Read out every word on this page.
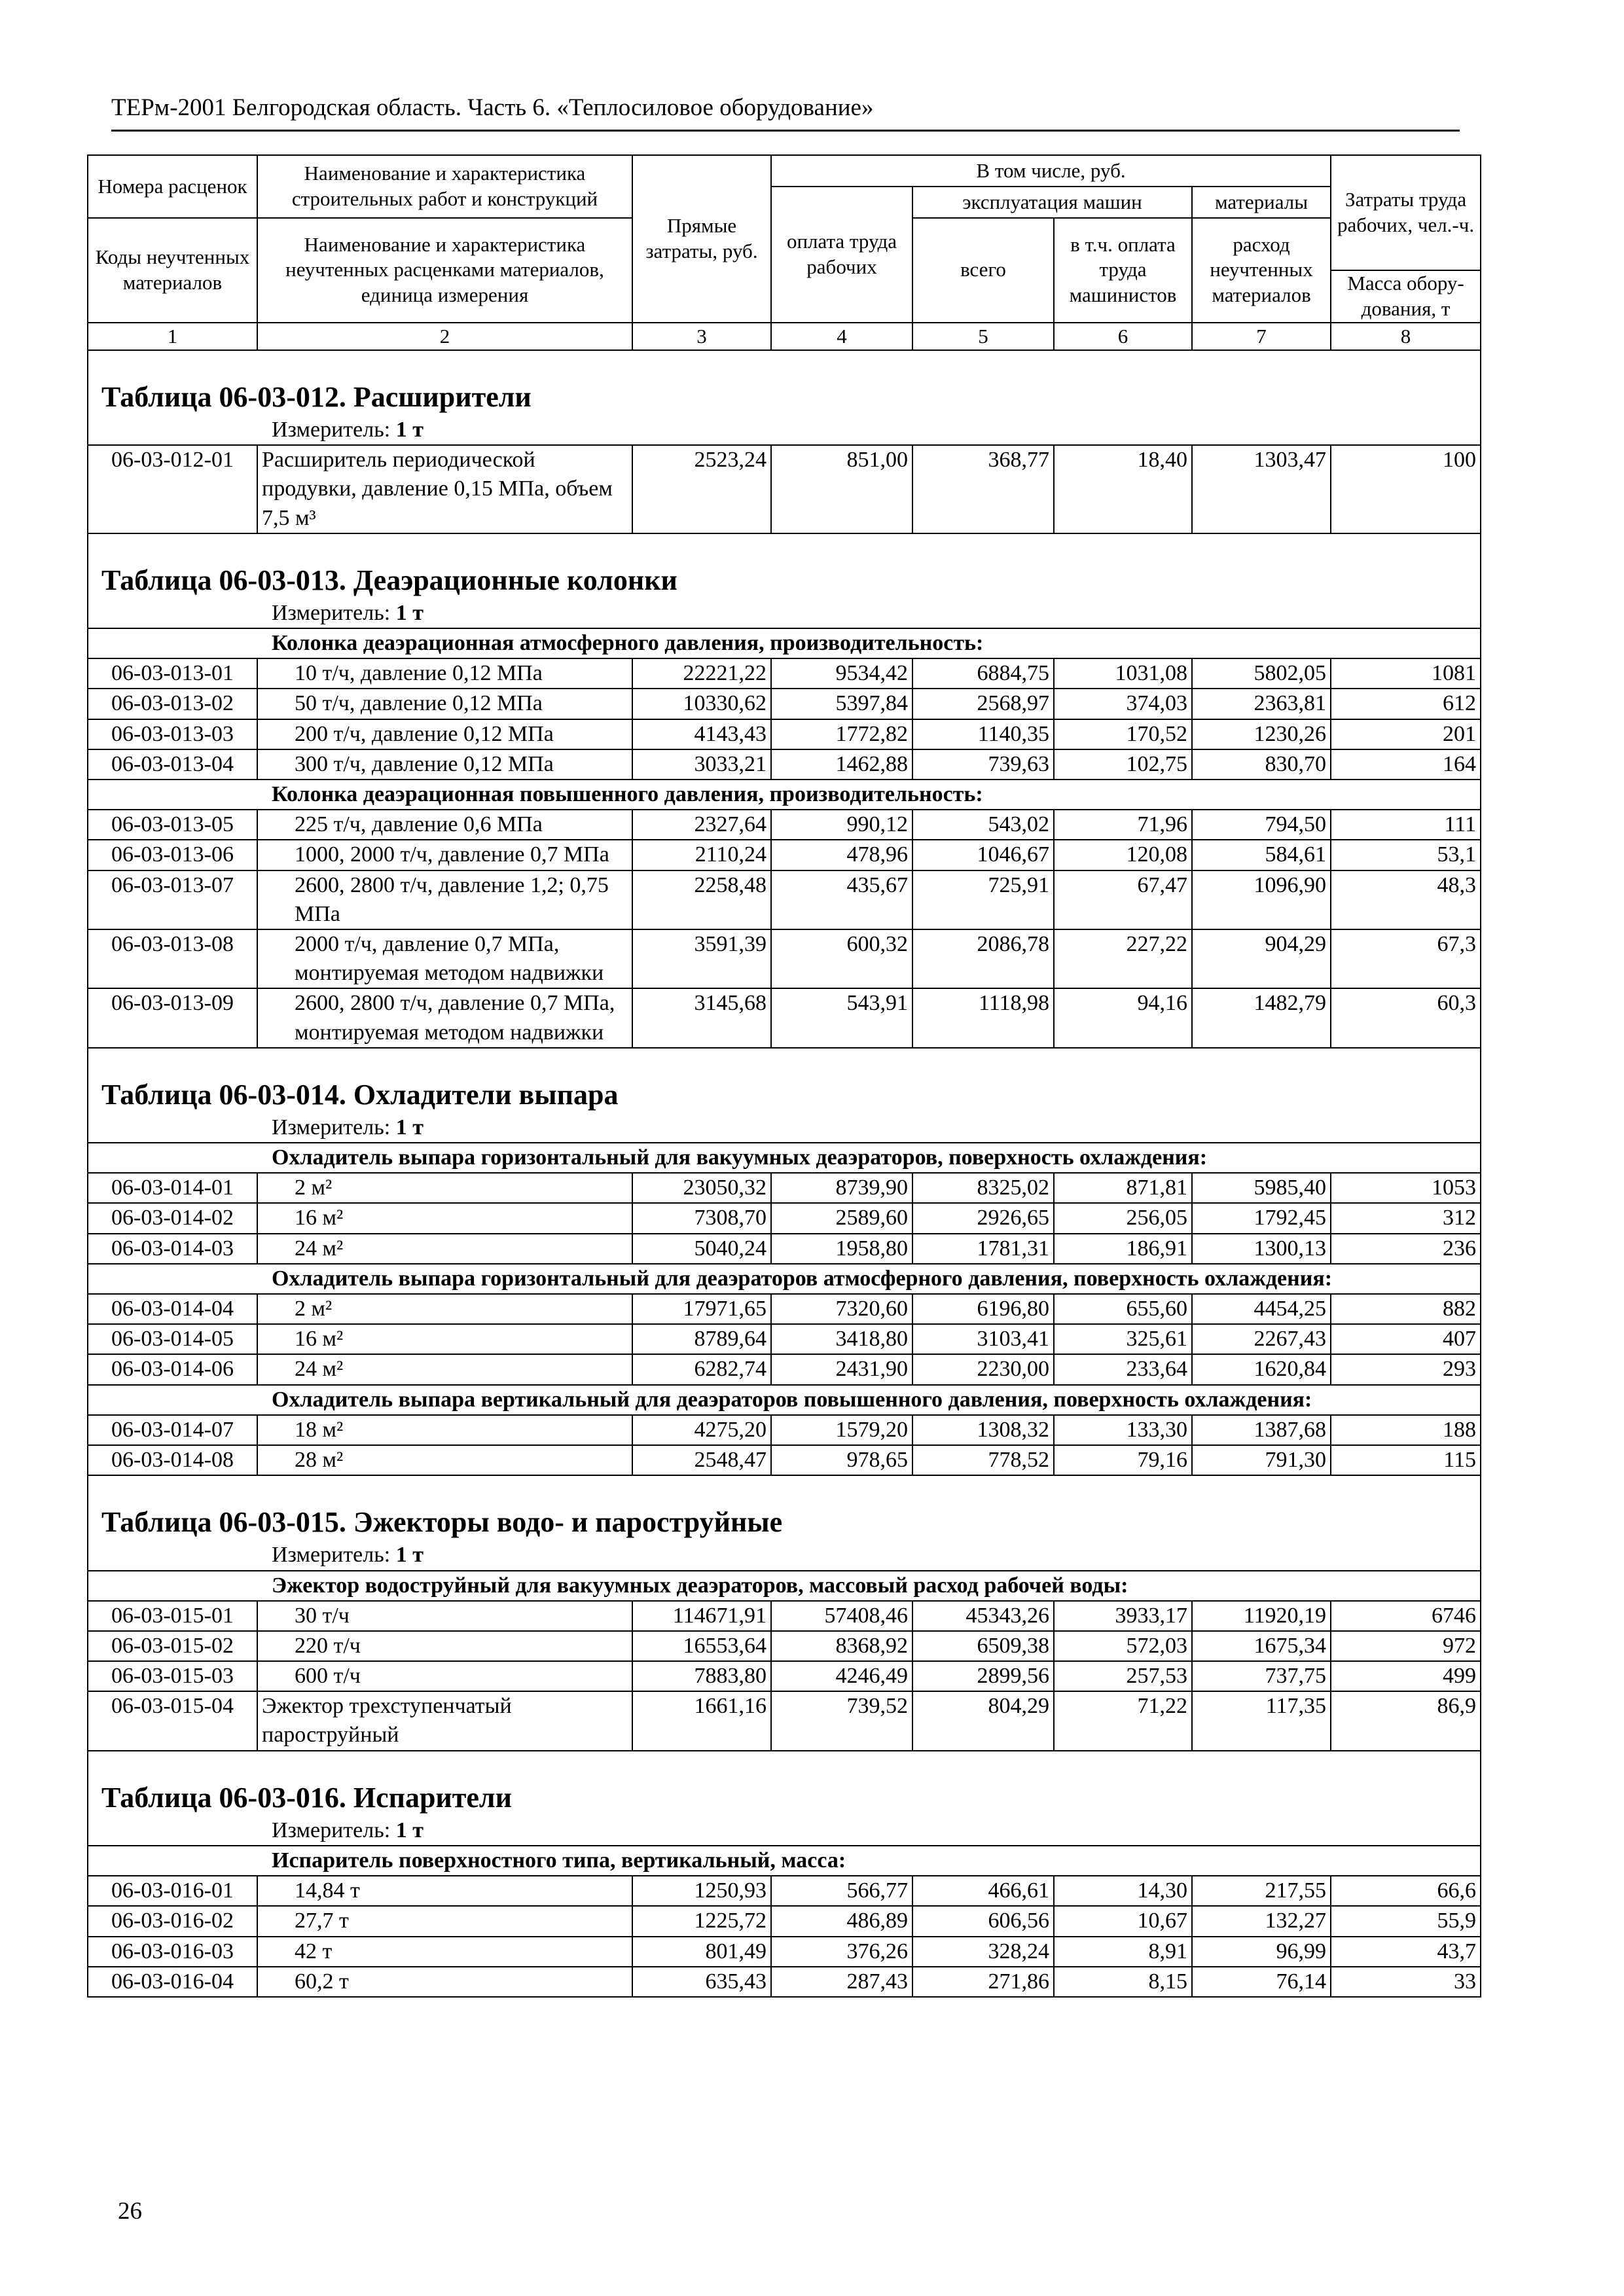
ТЕРм-2001 Белгородская область. Часть 6. «Теплосиловое оборудование»
Номера расценок	Наименование и характеристика строительных работ и конструкций	Прямые затраты, руб.	В том числе, руб.				Затраты труда рабочих, чел.-ч.
			оплата труда рабочих	эксплуатация машин		материалы	
Коды неучтенных материалов	Наименование и характеристика неучтенных расценками материалов, единица измерения			всего	в т.ч. оплата труда машинистов	расход неучтенных материалов	
							Масса обору-дования, т
1	2	3	4	5	6	7	8

Таблица 06-03-012. Расширители							
Измеритель: 1 т							
06-03-012-01	Расширитель периодической продувки, давление 0,15 МПа, объем 7,5 м³	2523,24	851,00	368,77	18,40	1303,47	100

Таблица 06-03-013. Деаэрационные колонки							
Измеритель: 1 т							
Колонка деаэрационная атмосферного давления, производительность:							
06-03-013-01	10 т/ч, давление 0,12 МПа	22221,22	9534,42	6884,75	1031,08	5802,05	1081
06-03-013-02	50 т/ч, давление 0,12 МПа	10330,62	5397,84	2568,97	374,03	2363,81	612
06-03-013-03	200 т/ч, давление 0,12 МПа	4143,43	1772,82	1140,35	170,52	1230,26	201
06-03-013-04	300 т/ч, давление 0,12 МПа	3033,21	1462,88	739,63	102,75	830,70	164
Колонка деаэрационная повышенного давления, производительность:							
06-03-013-05	225 т/ч, давление 0,6 МПа	2327,64	990,12	543,02	71,96	794,50	111
06-03-013-06	1000, 2000 т/ч, давление 0,7 МПа	2110,24	478,96	1046,67	120,08	584,61	53,1
06-03-013-07	2600, 2800 т/ч, давление 1,2; 0,75 МПа	2258,48	435,67	725,91	67,47	1096,90	48,3
06-03-013-08	2000 т/ч, давление 0,7 МПа, монтируемая методом надвижки	3591,39	600,32	2086,78	227,22	904,29	67,3
06-03-013-09	2600, 2800 т/ч, давление 0,7 МПа, монтируемая методом надвижки	3145,68	543,91	1118,98	94,16	1482,79	60,3

Таблица 06-03-014. Охладители выпара							
Измеритель: 1 т							
Охладитель выпара горизонтальный для вакуумных деаэраторов, поверхность охлаждения:							
06-03-014-01	2 м²	23050,32	8739,90	8325,02	871,81	5985,40	1053
06-03-014-02	16 м²	7308,70	2589,60	2926,65	256,05	1792,45	312
06-03-014-03	24 м²	5040,24	1958,80	1781,31	186,91	1300,13	236
Охладитель выпара горизонтальный для деаэраторов атмосферного давления, поверхность охлаждения:							
06-03-014-04	2 м²	17971,65	7320,60	6196,80	655,60	4454,25	882
06-03-014-05	16 м²	8789,64	3418,80	3103,41	325,61	2267,43	407
06-03-014-06	24 м²	6282,74	2431,90	2230,00	233,64	1620,84	293
Охладитель выпара вертикальный для деаэраторов повышенного давления, поверхность охлаждения:							
06-03-014-07	18 м²	4275,20	1579,20	1308,32	133,30	1387,68	188
06-03-014-08	28 м²	2548,47	978,65	778,52	79,16	791,30	115

Таблица 06-03-015. Эжекторы водо- и пароструйные							
Измеритель: 1 т							
Эжектор водоструйный для вакуумных деаэраторов, массовый расход рабочей воды:							
06-03-015-01	30 т/ч	114671,91	57408,46	45343,26	3933,17	11920,19	6746
06-03-015-02	220 т/ч	16553,64	8368,92	6509,38	572,03	1675,34	972
06-03-015-03	600 т/ч	7883,80	4246,49	2899,56	257,53	737,75	499
06-03-015-04	Эжектор трехступенчатый пароструйный	1661,16	739,52	804,29	71,22	117,35	86,9

Таблица 06-03-016. Испарители							
Измеритель: 1 т							
Испаритель поверхностного типа, вертикальный, масса:							
06-03-016-01	14,84 т	1250,93	566,77	466,61	14,30	217,55	66,6
06-03-016-02	27,7 т	1225,72	486,89	606,56	10,67	132,27	55,9
06-03-016-03	42 т	801,49	376,26	328,24	8,91	96,99	43,7
06-03-016-04	60,2 т	635,43	287,43	271,86	8,15	76,14	33
26
